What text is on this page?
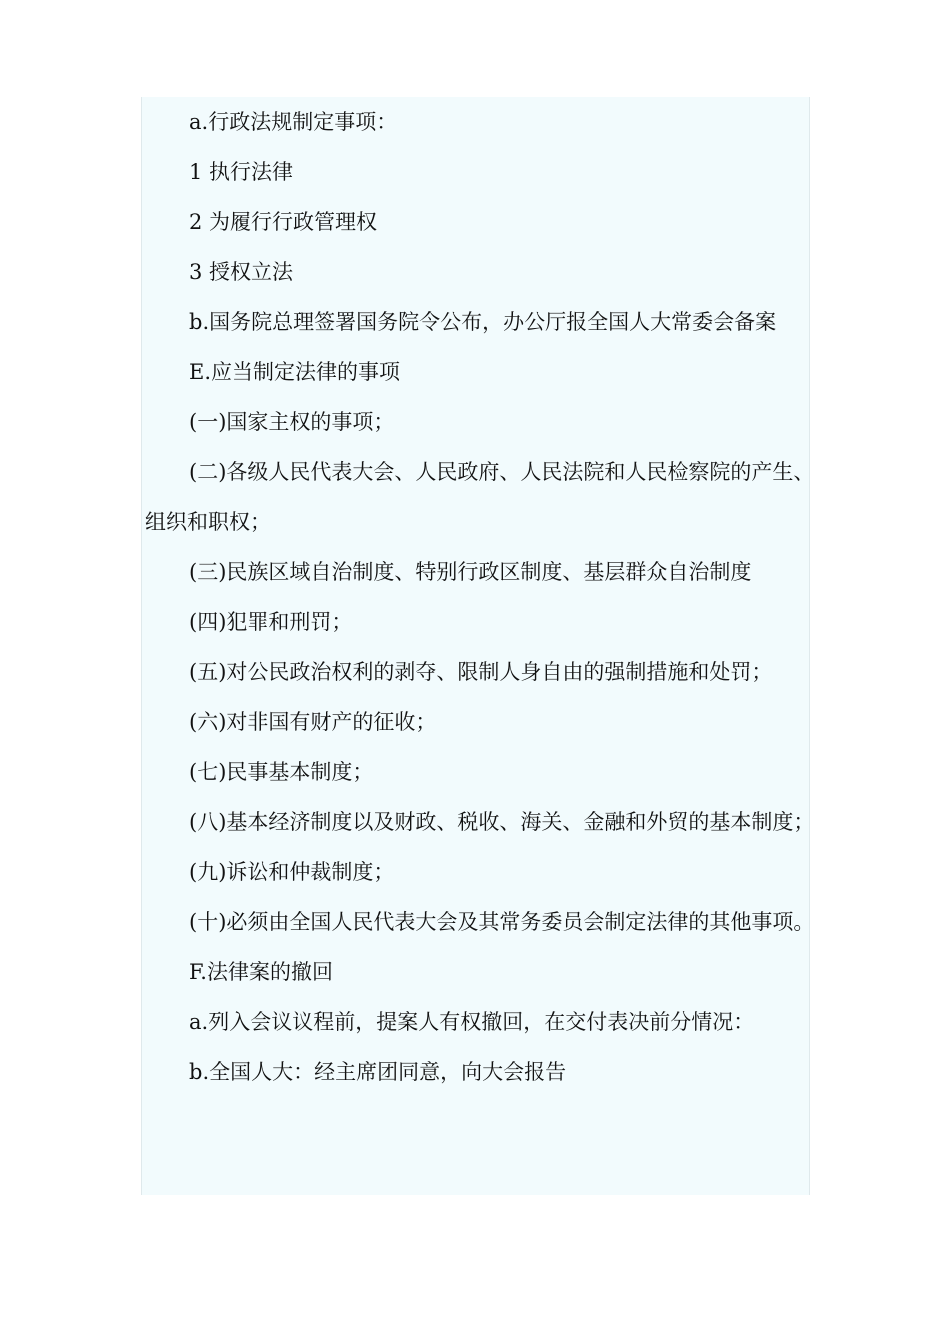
a.行政法规制定事项：

1 执行法律

2 为履行行政管理权

3 授权立法

b.国务院总理签署国务院令公布，办公厅报全国人大常委会备案

E.应当制定法律的事项

(一)国家主权的事项；

(二)各级人民代表大会、人民政府、人民法院和人民检察院的产生、组织和职权；

(三)民族区域自治制度、特别行政区制度、基层群众自治制度

(四)犯罪和刑罚；

(五)对公民政治权利的剥夺、限制人身自由的强制措施和处罚；

(六)对非国有财产的征收；

(七)民事基本制度；

(八)基本经济制度以及财政、税收、海关、金融和外贸的基本制度；

(九)诉讼和仲裁制度；

(十)必须由全国人民代表大会及其常务委员会制定法律的其他事项。

F.法律案的撤回

a.列入会议议程前，提案人有权撤回，在交付表决前分情况：

b.全国人大：经主席团同意，向大会报告
